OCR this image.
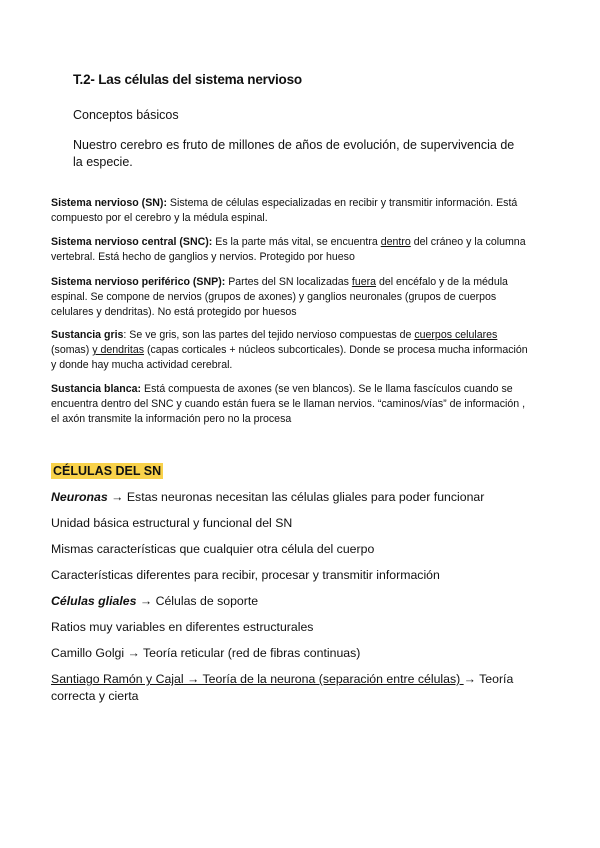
T.2- Las células del sistema nervioso
Conceptos básicos
Nuestro cerebro es fruto de millones de años de evolución, de supervivencia de la especie.
Sistema nervioso (SN): Sistema de células especializadas en recibir y transmitir información. Está compuesto por el cerebro y la médula espinal.
Sistema nervioso central (SNC): Es la parte más vital, se encuentra dentro del cráneo y la columna vertebral. Está hecho de ganglios y nervios. Protegido por hueso
Sistema nervioso periférico (SNP): Partes del SN localizadas fuera del encéfalo y de la médula espinal. Se compone de nervios (grupos de axones) y ganglios neuronales (grupos de cuerpos celulares y dendritas). No está protegido por huesos
Sustancia gris: Se ve gris, son las partes del tejido nervioso compuestas de cuerpos celulares (somas) y dendritas (capas corticales + núcleos subcorticales). Donde se procesa mucha información y donde hay mucha actividad cerebral.
Sustancia blanca: Está compuesta de axones (se ven blancos). Se le llama fascículos cuando se encuentra dentro del SNC y cuando están fuera se le llaman nervios. “caminos/vías” de información , el axón transmite la información pero no la procesa
CÉLULAS DEL SN
Neuronas → Estas neuronas necesitan las células gliales para poder funcionar
Unidad básica estructural y funcional del SN
Mismas características que cualquier otra célula del cuerpo
Características diferentes para recibir, procesar y transmitir información
Células gliales → Células de soporte
Ratios muy variables en diferentes estructurales
Camillo Golgi → Teoría reticular (red de fibras continuas)
Santiago Ramón y Cajal → Teoría de la neurona (separación entre células) → Teoría correcta y cierta
